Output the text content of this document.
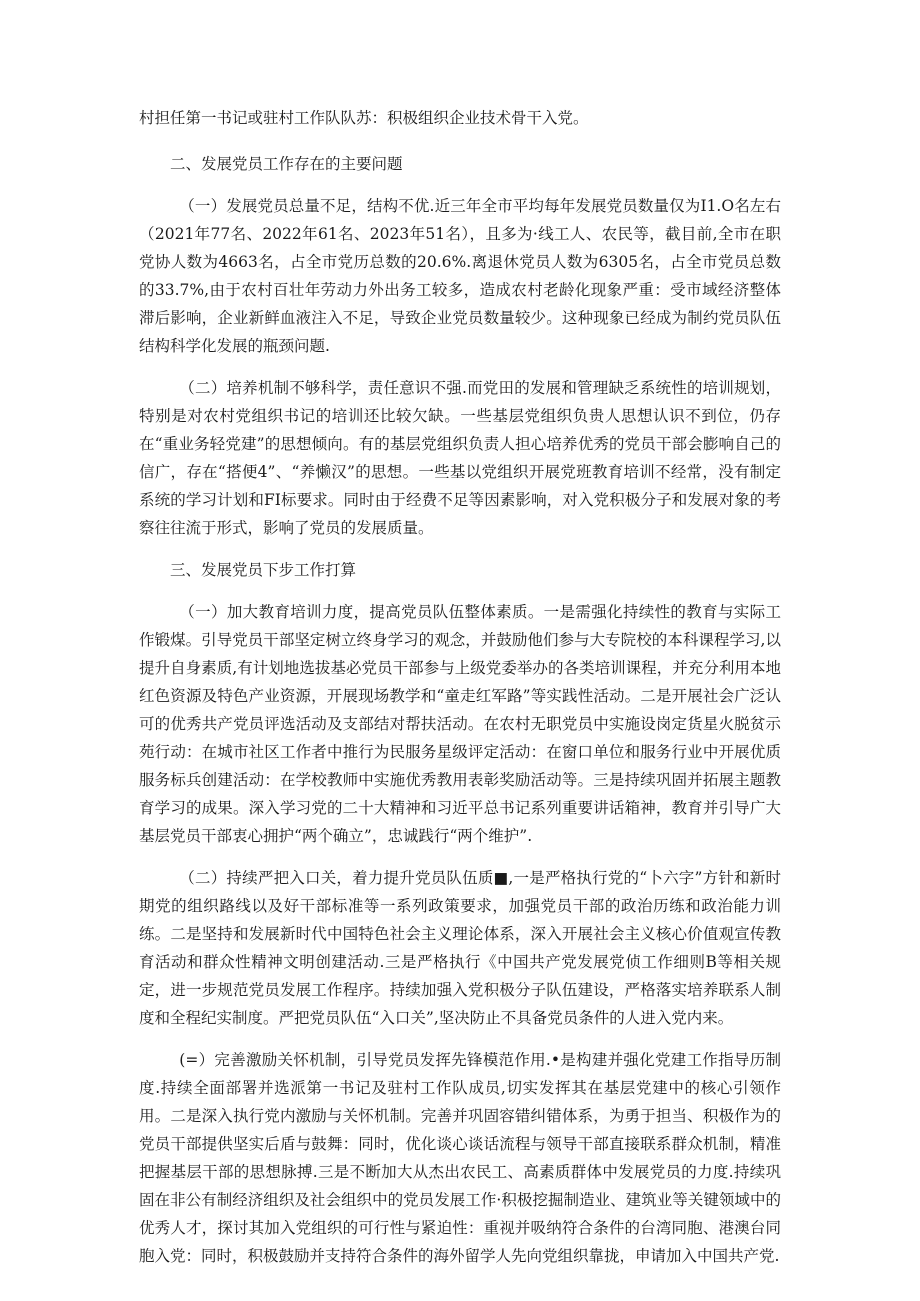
村担任第一书记或驻村工作队队苏：积极组织企业技术骨干入党。

二、发展党员工作存在的主要问题

（一）发展党员总量不足，结构不优.近三年全市平均每年发展党员数量仅为I1.O名左右（2021年77名、2022年61名、2023年51名），且多为·线工人、农民等，截目前,全市在职党协人数为4663名，占全市党历总数的20.6%.离退休党员人数为6305名，占全市党员总数的33.7%,由于农村百壮年劳动力外出务工较多，造成农村老龄化现象严重：受市域经济整体滞后影响，企业新鲜血液注入不足，导致企业党员数量较少。这种现象已经成为制约党员队伍结构科学化发展的瓶颈问题.

（二）培养机制不够科学，责任意识不强.而党田的发展和管理缺乏系统性的培训规划，特别是对农村党组织书记的培训还比较欠缺。一些基层党组织负贵人思想认识不到位，仍存在“重业务轻党建”的思想倾向。有的基层党组织负责人担心培养优秀的党员干部会膨响自己的信广，存在“搭便4”、“养懒汉”的思想。一些基以党组织开展党班教育培训不经常，没有制定系统的学习计划和FI标要求。同时由于经费不足等因素影响，对入党积极分子和发展对象的考察往往流于形式，影响了党员的发展质量。

三、发展党员下步工作打算

（一）加大教育培训力度，提高党员队伍整体素质。一是需强化持续性的教育与实际工作锻煤。引导党员干部坚定树立终身学习的观念，并鼓励他们参与大专院校的本科课程学习,以提升自身素质,有计划地选拔基必党员干部参与上级党委举办的各类培训课程，并充分利用本地红色资源及特色产业资源，开展现场教学和“童走红军路”等实践性活动。二是开展社会广泛认可的优秀共产党员评选活动及支部结对帮扶活动。在农村无职党员中实施设岗定货星火脱贫示苑行动：在城市社区工作者中推行为民服务星级评定活动：在窗口单位和服务行业中开展优质服务标兵创建活动：在学校教师中实施优秀教用表彰奖励活动等。三是持续巩固并拓展主题教育学习的成果。深入学习党的二十大精神和习近平总书记系列重要讲话箱神，教育并引导广大基层党员干部衷心拥护“两个确立”，忠诚践行“两个维护”.

（二）持续严把入口关，着力提升党员队伍质■,一是严格执行党的“卜六字”方针和新时期党的组织路线以及好干部标准等一系列政策要求，加强党员干部的政治历练和政治能力训练。二是坚持和发展新时代中国特色社会主义理论体系，深入开展社会主义核心价值观宣传教育活动和群众性精神文明创建活动.三是严格执行《中国共产党发展党侦工作细则B等相关规定，进一步规范党员发展工作程序。持续加强入党积极分子队伍建设，严格落实培养联系人制度和全程纪实制度。严把党员队伍“入口关”,坚决防止不具备党员条件的人进入党内来。

(=）完善激励关怀机制，引导党员发挥先锋模范作用.•是构建并强化党建工作指导历制度.持续全面部署并选派第一书记及驻村工作队成员,切实发挥其在基层党建中的核心引领作用。二是深入执行党内激励与关怀机制。完善并巩固容错纠错体系，为勇于担当、积极作为的党员干部提供坚实后盾与鼓舞：同时，优化谈心谈话流程与领导干部直接联系群众机制，精准把握基层干部的思想脉搏.三是不断加大从杰出农民工、高素质群体中发展党员的力度.持续巩固在非公有制经济组织及社会组织中的党员发展工作·积极挖掘制造业、建筑业等关键领域中的优秀人才，探讨其加入党组织的可行性与紧迫性：重视并吸纳符合条件的台湾同胞、港澳台同胞入党：同时，积极鼓励并支持符合条件的海外留学人先向党组织靠拢，申请加入中国共产党.
